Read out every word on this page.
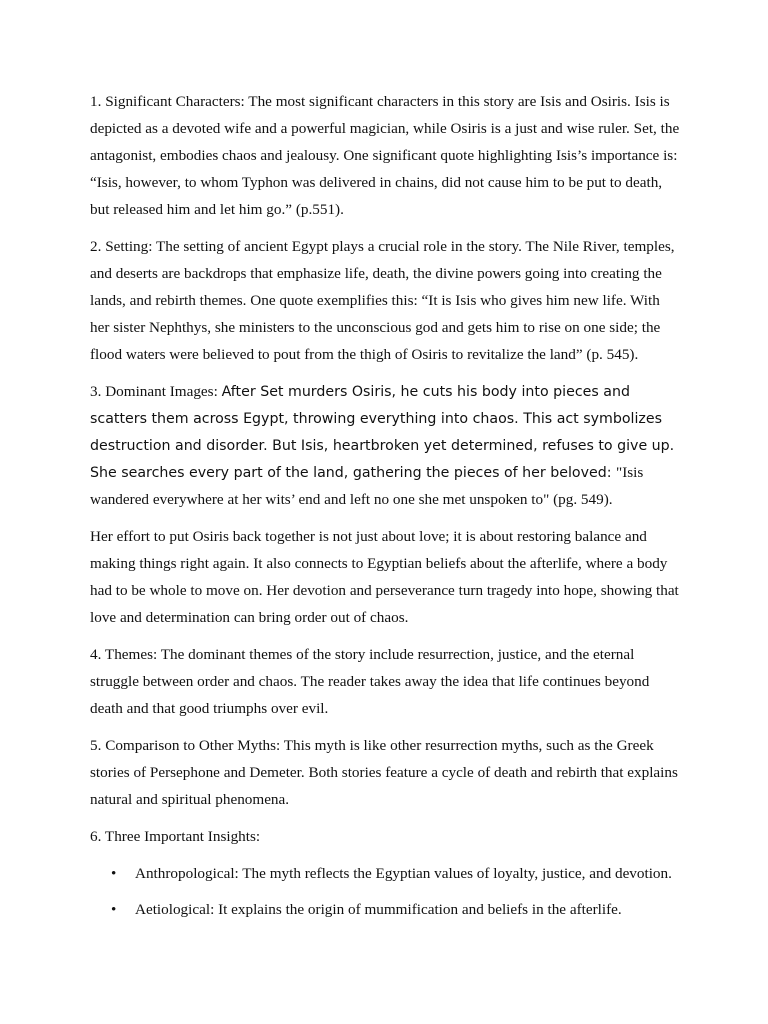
1. Significant Characters: The most significant characters in this story are Isis and Osiris. Isis is depicted as a devoted wife and a powerful magician, while Osiris is a just and wise ruler. Set, the antagonist, embodies chaos and jealousy. One significant quote highlighting Isis’s importance is: “Isis, however, to whom Typhon was delivered in chains, did not cause him to be put to death, but released him and let him go.” (p.551).

2. Setting: The setting of ancient Egypt plays a crucial role in the story. The Nile River, temples, and deserts are backdrops that emphasize life, death, the divine powers going into creating the lands, and rebirth themes. One quote exemplifies this: “It is Isis who gives him new life. With her sister Nephthys, she ministers to the unconscious god and gets him to rise on one side; the flood waters were believed to pout from the thigh of Osiris to revitalize the land” (p. 545).

3. Dominant Images: After Set murders Osiris, he cuts his body into pieces and scatters them across Egypt, throwing everything into chaos. This act symbolizes destruction and disorder. But Isis, heartbroken yet determined, refuses to give up. She searches every part of the land, gathering the pieces of her beloved: "Isis wandered everywhere at her wits’ end and left no one she met unspoken to" (pg. 549).

Her effort to put Osiris back together is not just about love; it is about restoring balance and making things right again. It also connects to Egyptian beliefs about the afterlife, where a body had to be whole to move on. Her devotion and perseverance turn tragedy into hope, showing that love and determination can bring order out of chaos.

4. Themes: The dominant themes of the story include resurrection, justice, and the eternal struggle between order and chaos. The reader takes away the idea that life continues beyond death and that good triumphs over evil.

5. Comparison to Other Myths: This myth is like other resurrection myths, such as the Greek stories of Persephone and Demeter. Both stories feature a cycle of death and rebirth that explains natural and spiritual phenomena.

6. Three Important Insights:

• Anthropological: The myth reflects the Egyptian values of loyalty, justice, and devotion.
• Aetiological: It explains the origin of mummification and beliefs in the afterlife.
